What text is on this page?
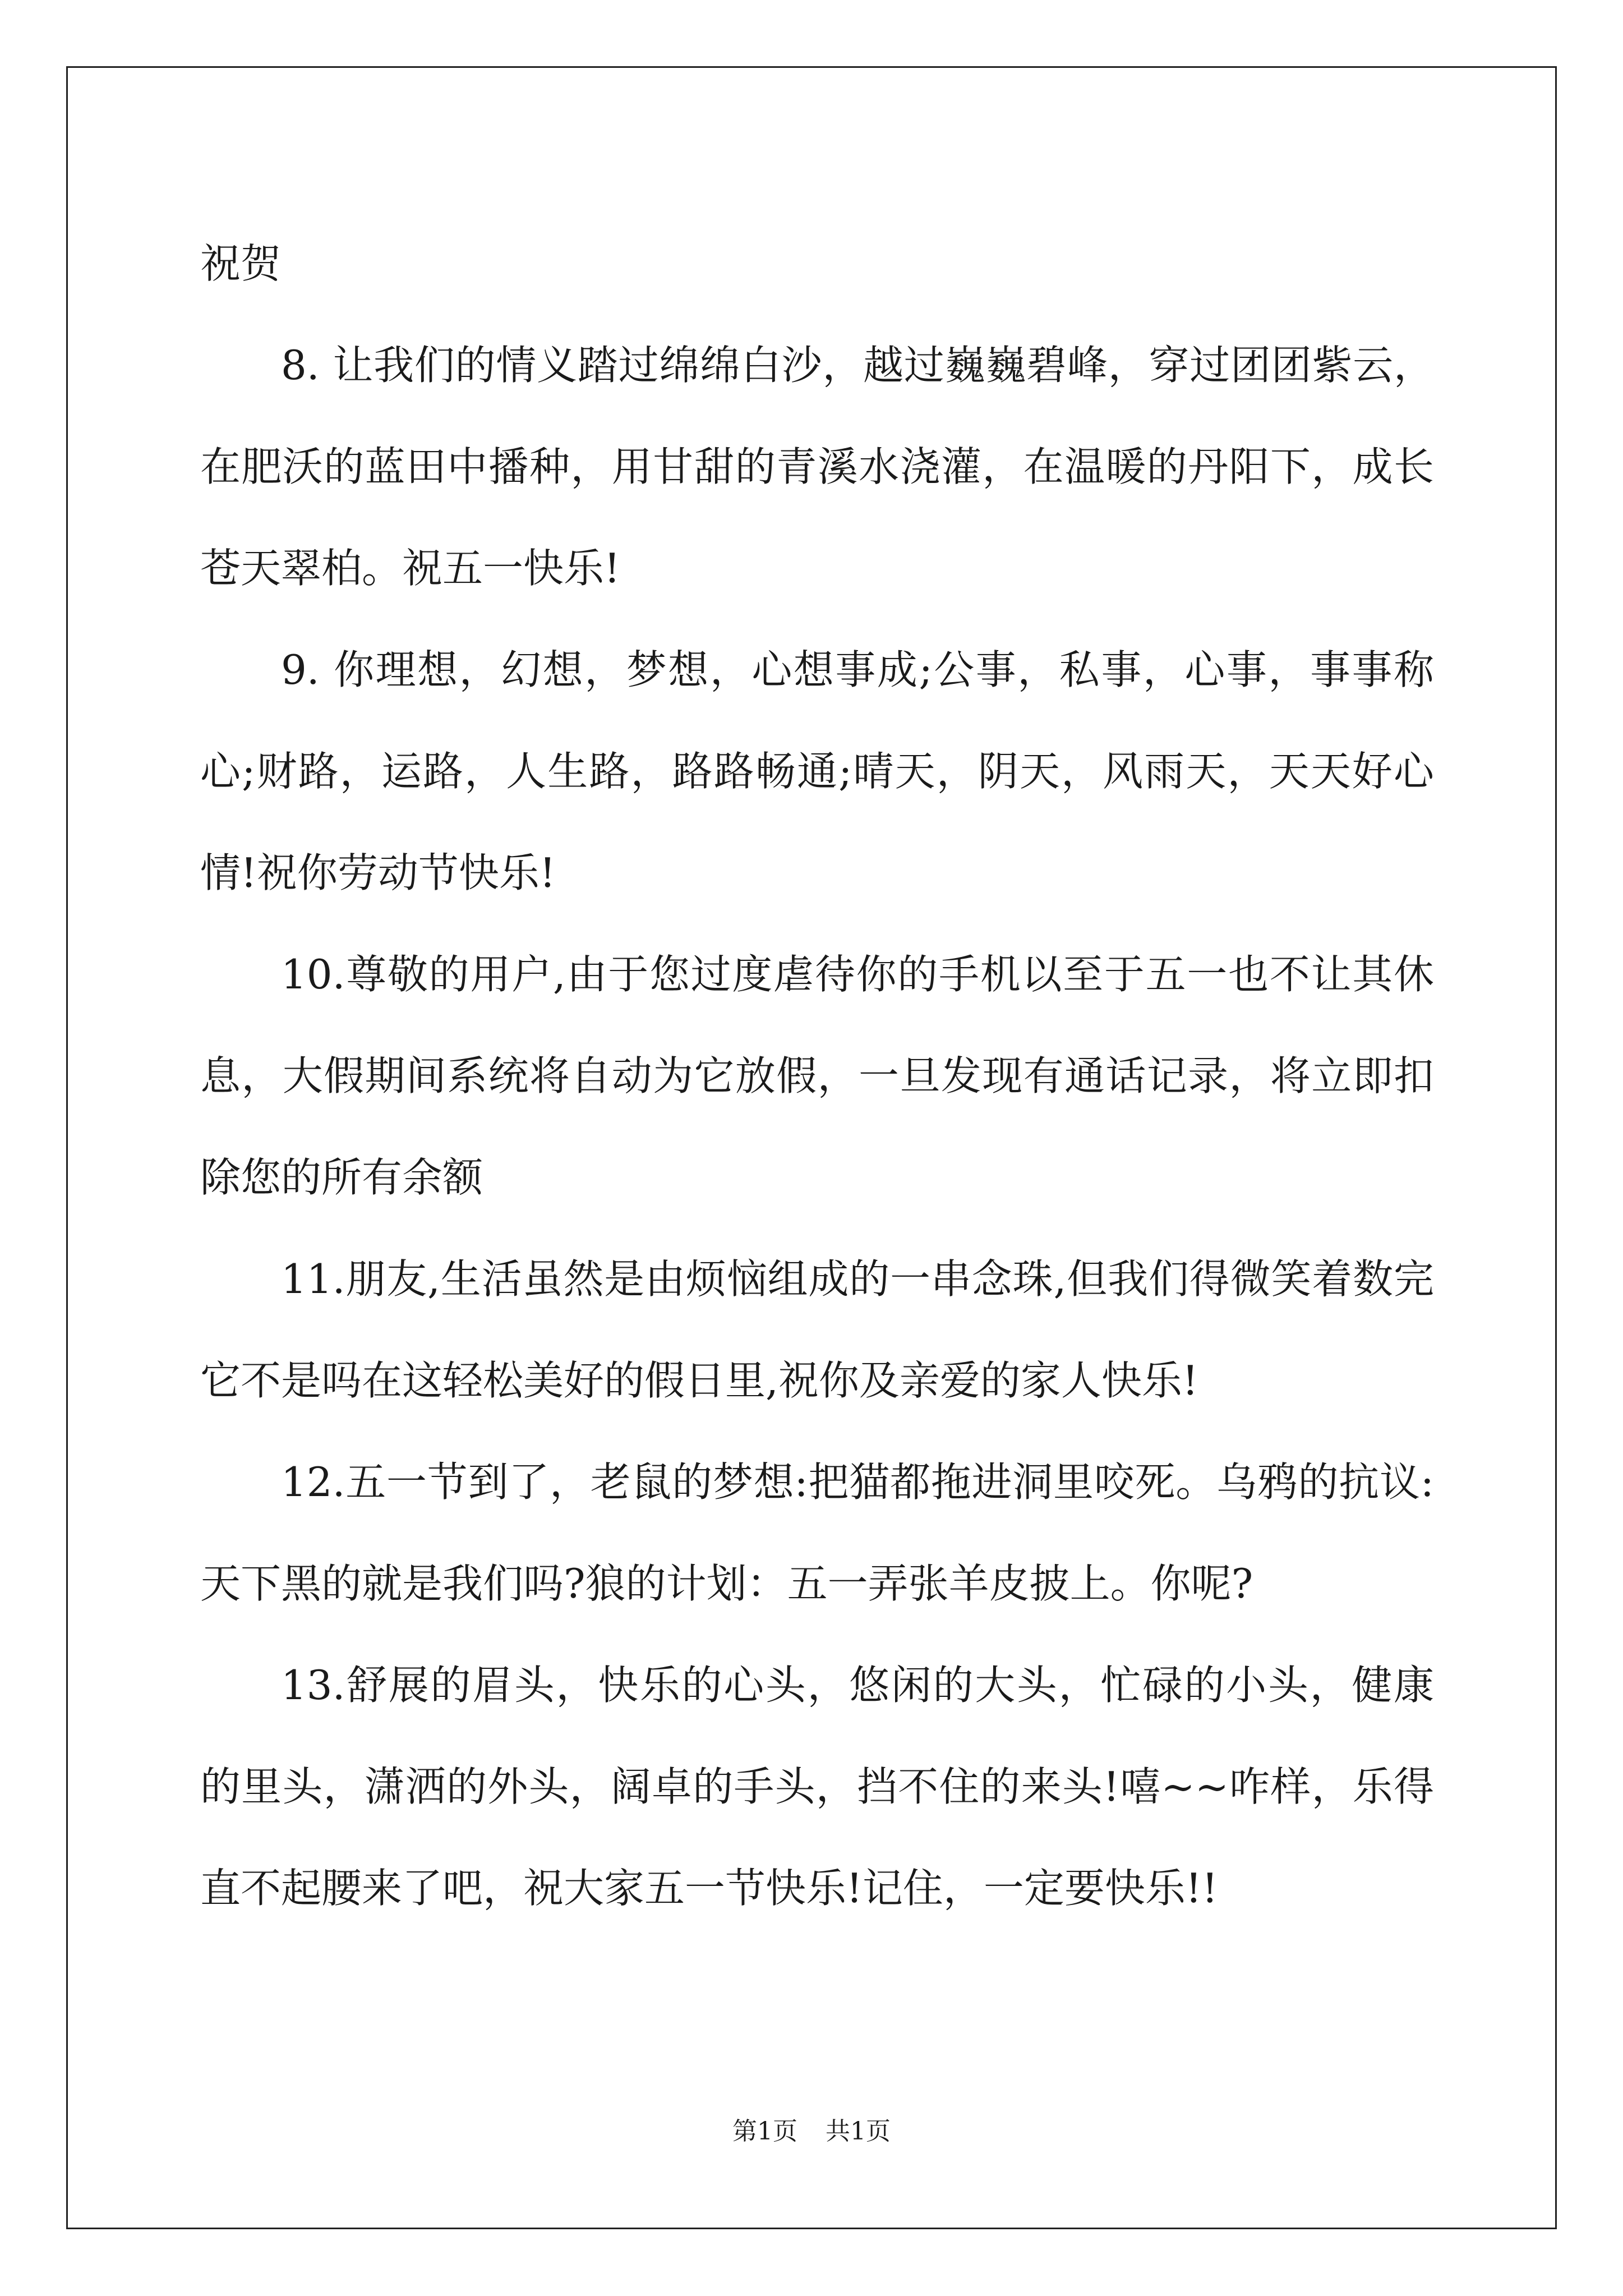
祝贺

8. 让我们的情义踏过绵绵白沙，越过巍巍碧峰，穿过团团紫云，在肥沃的蓝田中播种，用甘甜的青溪水浇灌，在温暖的丹阳下，成长苍天翠柏。祝五一快乐!

9. 你理想，幻想，梦想，心想事成;公事，私事，心事，事事称心;财路，运路，人生路，路路畅通;晴天，阴天，风雨天，天天好心情!祝你劳动节快乐!

10.尊敬的用户,由于您过度虐待你的手机以至于五一也不让其休息，大假期间系统将自动为它放假，一旦发现有通话记录，将立即扣除您的所有余额

11.朋友,生活虽然是由烦恼组成的一串念珠,但我们得微笑着数完它不是吗在这轻松美好的假日里,祝你及亲爱的家人快乐!

12.五一节到了，老鼠的梦想:把猫都拖进洞里咬死。乌鸦的抗议:天下黑的就是我们吗?狼的计划：五一弄张羊皮披上。你呢?

13.舒展的眉头，快乐的心头，悠闲的大头，忙碌的小头，健康的里头，潇洒的外头，阔卓的手头，挡不住的来头!嘻~~咋样，乐得直不起腰来了吧，祝大家五一节快乐!记住，一定要快乐!!

第1页 共1页
